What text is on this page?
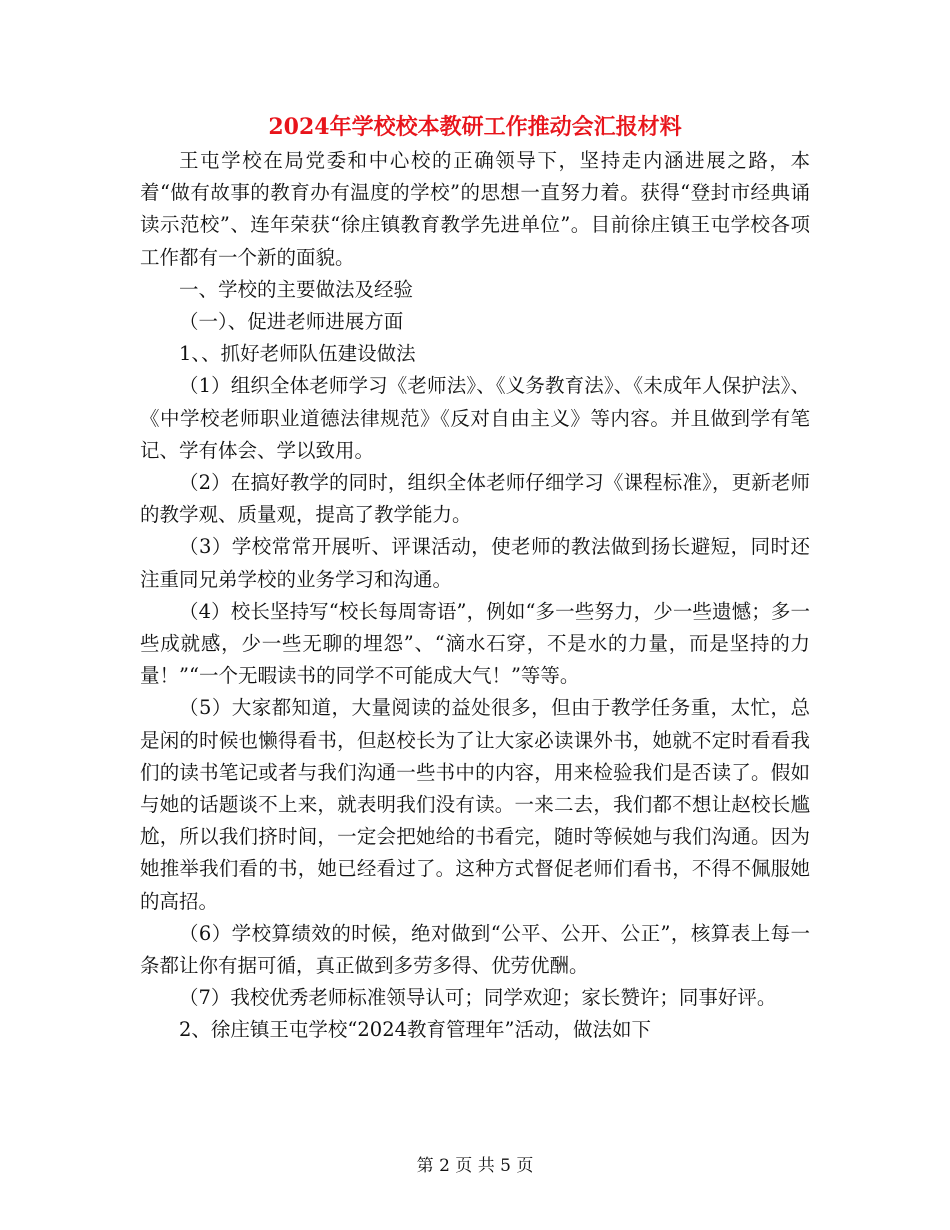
2024年学校校本教研工作推动会汇报材料

王屯学校在局党委和中心校的正确领导下，坚持走内涵进展之路，本着“做有故事的教育办有温度的学校”的思想一直努力着。获得“登封市经典诵读示范校”、连年荣获“徐庄镇教育教学先进单位”。目前徐庄镇王屯学校各项工作都有一个新的面貌。

一、学校的主要做法及经验

（一）、促进老师进展方面

1、、抓好老师队伍建设做法

（1）组织全体老师学习《老师法》、《义务教育法》、《未成年人保护法》、《中学校老师职业道德法律规范》《反对自由主义》等内容。并且做到学有笔记、学有体会、学以致用。

（2）在搞好教学的同时，组织全体老师仔细学习《课程标准》，更新老师的教学观、质量观，提高了教学能力。

（3）学校常常开展听、评课活动，使老师的教法做到扬长避短，同时还注重同兄弟学校的业务学习和沟通。

（4）校长坚持写“校长每周寄语”，例如“多一些努力，少一些遗憾；多一些成就感，少一些无聊的埋怨”、“滴水石穿，不是水的力量，而是坚持的力量！”“一个无暇读书的同学不可能成大气！”等等。

（5）大家都知道，大量阅读的益处很多，但由于教学任务重，太忙，总是闲的时候也懒得看书，但赵校长为了让大家必读课外书，她就不定时看看我们的读书笔记或者与我们沟通一些书中的内容，用来检验我们是否读了。假如与她的话题谈不上来，就表明我们没有读。一来二去，我们都不想让赵校长尴尬，所以我们挤时间，一定会把她给的书看完，随时等候她与我们沟通。因为她推举我们看的书，她已经看过了。这种方式督促老师们看书，不得不佩服她的高招。

（6）学校算绩效的时候，绝对做到“公平、公开、公正”，核算表上每一条都让你有据可循，真正做到多劳多得、优劳优酬。

（7）我校优秀老师标准领导认可；同学欢迎；家长赞许；同事好评。

2、徐庄镇王屯学校“2024教育管理年”活动，做法如下

第 2 页 共 5 页
